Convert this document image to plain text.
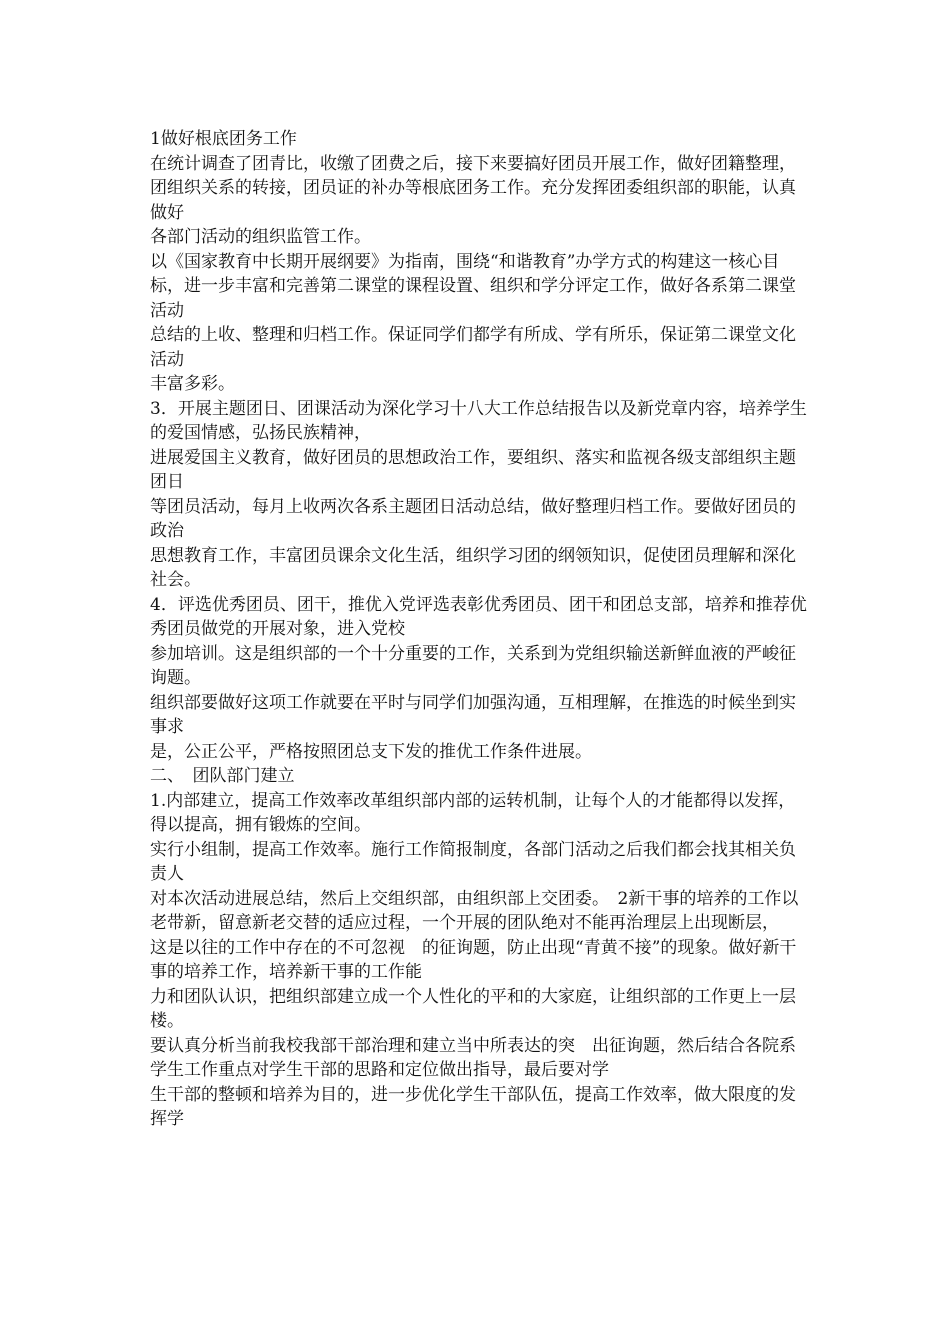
1做好根底团务工作

在统计调查了团青比，收缴了团费之后，接下来要搞好团员开展工作，做好团籍整理，

团组织关系的转接，团员证的补办等根底团务工作。充分发挥团委组织部的职能，认真做好

各部门活动的组织监管工作。

以《国家教育中长期开展纲要》为指南，围绕“和谐教育”办学方式的构建这一核心目

标，进一步丰富和完善第二课堂的课程设置、组织和学分评定工作，做好各系第二课堂活动

总结的上收、整理和归档工作。保证同学们都学有所成、学有所乐，保证第二课堂文化活动

丰富多彩。

3．开展主题团日、团课活动为深化学习十八大工作总结报告以及新党章内容，培养学生的爱国情感，弘扬民族精神，

进展爱国主义教育，做好团员的思想政治工作，要组织、落实和监视各级支部组织主题团日

等团员活动，每月上收两次各系主题团日活动总结，做好整理归档工作。要做好团员的政治

思想教育工作，丰富团员课余文化生活，组织学习团的纲领知识，促使团员理解和深化社会。

4．评选优秀团员、团干，推优入党评选表彰优秀团员、团干和团总支部，培养和推荐优秀团员做党的开展对象，进入党校

参加培训。这是组织部的一个十分重要的工作，关系到为党组织输送新鲜血液的严峻征询题。

组织部要做好这项工作就要在平时与同学们加强沟通，互相理解，在推选的时候坐到实事求

是，公正公平，严格按照团总支下发的推优工作条件进展。

二、　团队部门建立

1.内部建立，提高工作效率改革组织部内部的运转机制，让每个人的才能都得以发挥，得以提高，拥有锻炼的空间。

实行小组制，提高工作效率。施行工作简报制度，各部门活动之后我们都会找其相关负责人

对本次活动进展总结，然后上交组织部，由组织部上交团委。　2新干事的培养的工作以老带新，留意新老交替的适应过程，一个开展的团队绝对不能再治理层上出现断层，

这是以往的工作中存在的不可忽视　的征询题，防止出现“青黄不接”的现象。做好新干事的培养工作，培养新干事的工作能

力和团队认识，把组织部建立成一个人性化的平和的大家庭，让组织部的工作更上一层楼。

要认真分析当前我校我部干部治理和建立当中所表达的突　出征询题，然后结合各院系学生工作重点对学生干部的思路和定位做出指导，最后要对学

生干部的整顿和培养为目的，进一步优化学生干部队伍，提高工作效率，做大限度的发挥学
